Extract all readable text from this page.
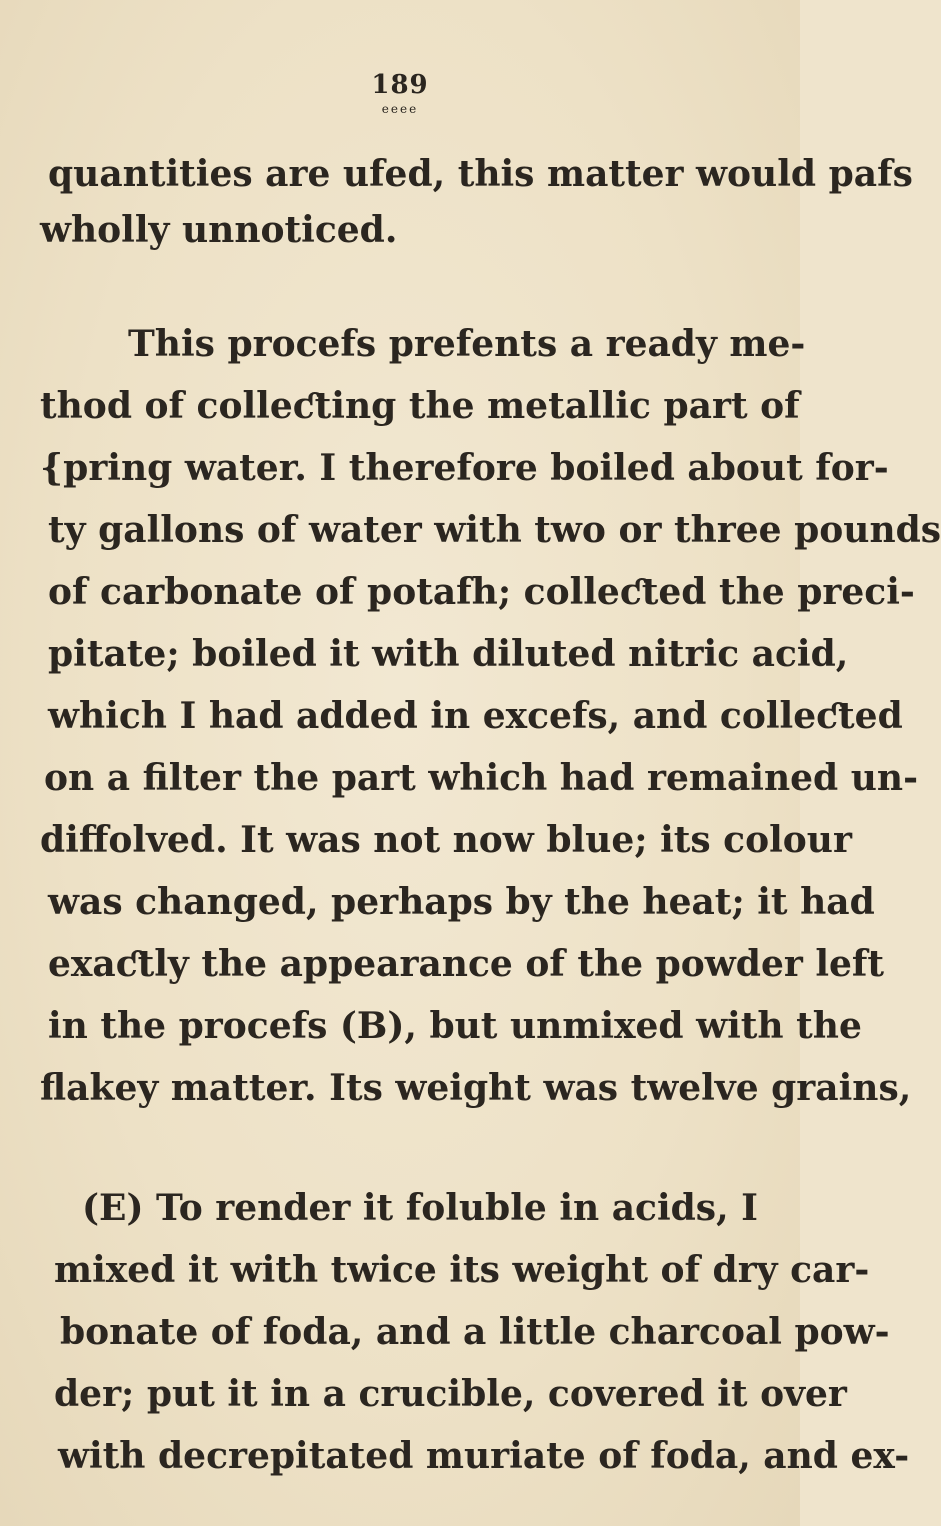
189
eeee
quantities are ufed, this matter would pafs
wholly unnoticed.
This procefs prefents a ready me-
thod of colleƈting the metallic part of
{pring water. I therefore boiled about for-
ty gallons of water with two or three pounds
of carbonate of potafh; colleƈted the preci-
pitate; boiled it with diluted nitric acid,
which I had added in excefs, and colleƈted
on a filter the part which had remained un-
diffolved. It was not now blue; its colour
was changed, perhaps by the heat; it had
exaƈtly the appearance of the powder left
in the procefs (B), but unmixed with the
flakey matter. Its weight was twelve grains,
(E) To render it foluble in acids, I
mixed it with twice its weight of dry car-
bonate of foda, and a little charcoal pow-
der; put it in a crucible, covered it over
with decrepitated muriate of foda, and ex-
